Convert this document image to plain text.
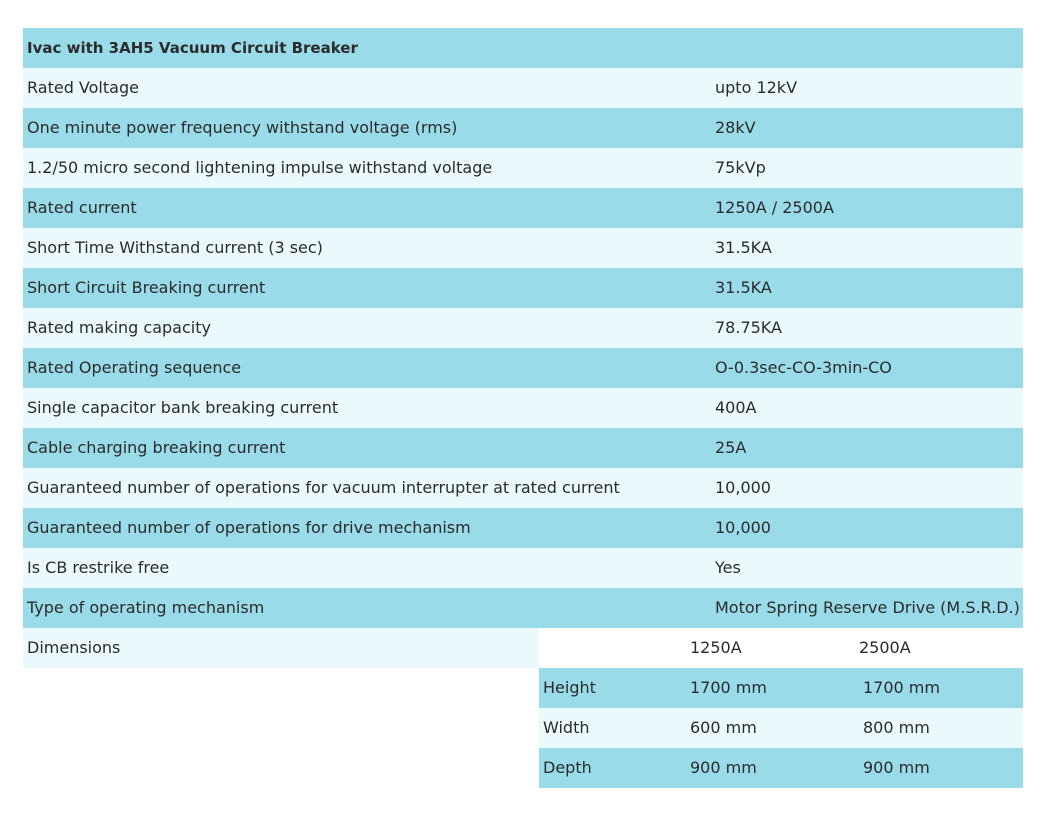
Ivac with 3AH5 Vacuum Circuit Breaker
Rated Voltage	upto 12kV
One minute power frequency withstand voltage (rms)	28kV
1.2/50 micro second lightening impulse withstand voltage	75kVp
Rated current	1250A / 2500A
Short Time Withstand current (3 sec)	31.5KA
Short Circuit Breaking current	31.5KA
Rated making capacity	78.75KA
Rated Operating sequence	O-0.3sec-CO-3min-CO
Single capacitor bank breaking current	400A
Cable charging breaking current	25A
Guaranteed number of operations for vacuum interrupter at rated current	10,000
Guaranteed number of operations for drive mechanism	10,000
Is CB restrike free	Yes
Type of operating mechanism	Motor Spring Reserve Drive (M.S.R.D.)
Dimensions	1250A	2500A
Height	1700 mm	1700 mm
Width	600 mm	800 mm
Depth	900 mm	900 mm
